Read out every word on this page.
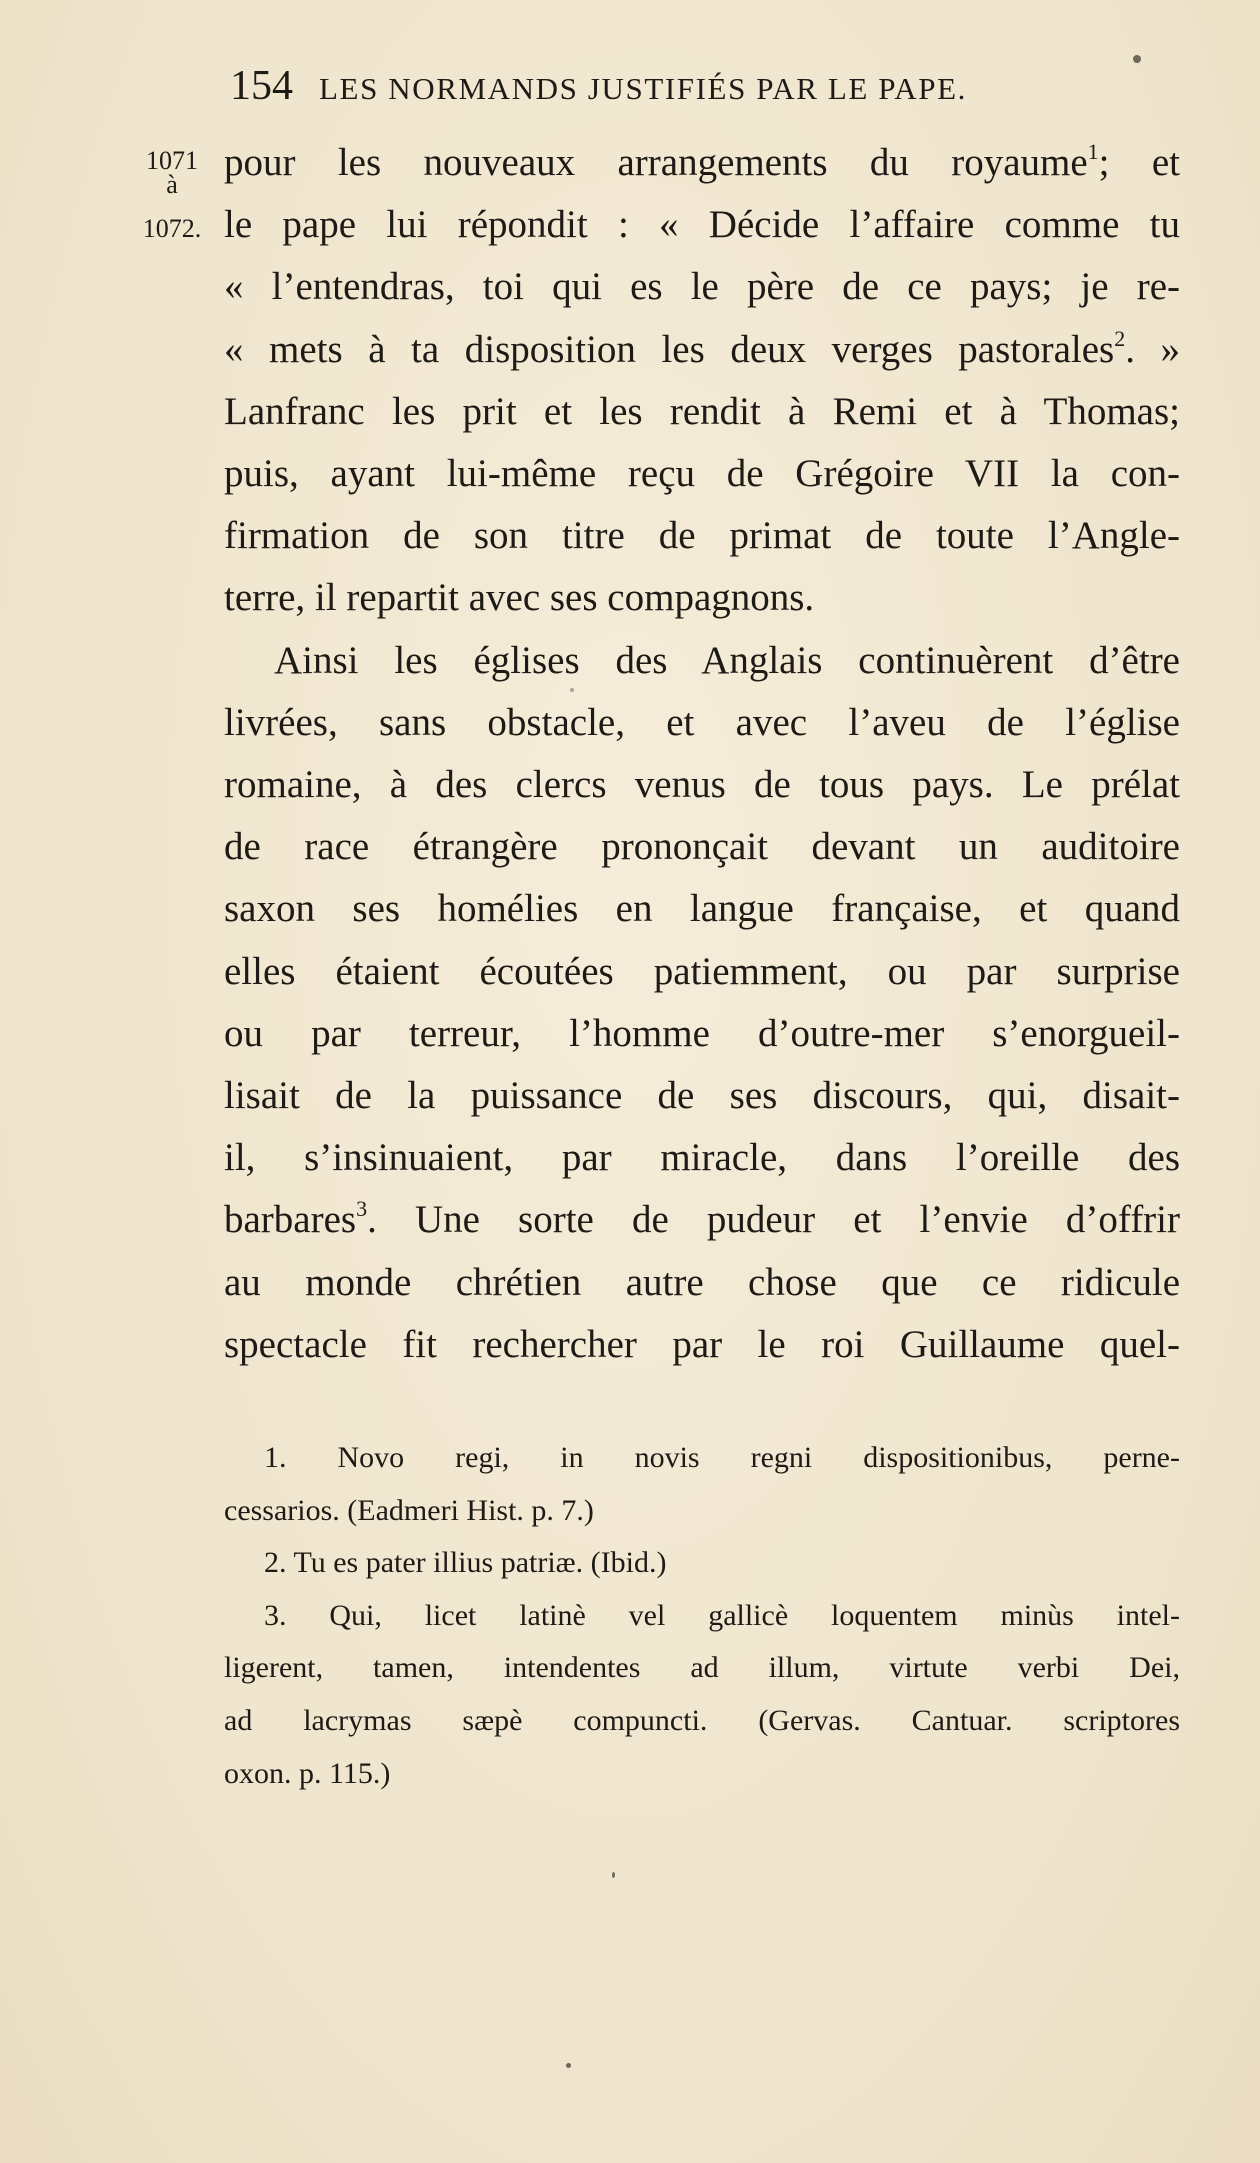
154 LES NORMANDS JUSTIFIÉS PAR LE PAPE.
1071
à
1072.
pour les nouveaux arrangements du royaume$^1$; et
le pape lui répondit : « Décide l’affaire comme tu
« l’entendras, toi qui es le père de ce pays; je re-
« mets à ta disposition les deux verges pastorales$^2$. »
Lanfranc les prit et les rendit à Remi et à Thomas;
puis, ayant lui-même reçu de Grégoire VII la con-
firmation de son titre de primat de toute l’Angle-
terre, il repartit avec ses compagnons.
Ainsi les églises des Anglais continuèrent d’être
livrées, sans obstacle, et avec l’aveu de l’église
romaine, à des clercs venus de tous pays. Le prélat
de race étrangère prononçait devant un auditoire
saxon ses homélies en langue française, et quand
elles étaient écoutées patiemment, ou par surprise
ou par terreur, l’homme d’outre-mer s’enorgueil-
lisait de la puissance de ses discours, qui, disait-
il, s’insinuaient, par miracle, dans l’oreille des
barbares$^3$. Une sorte de pudeur et l’envie d’offrir
au monde chrétien autre chose que ce ridicule
spectacle fit rechercher par le roi Guillaume quel-
1. Novo regi, in novis regni dispositionibus, perne-
cessarios. (Eadmeri Hist. p. 7.)
2. Tu es pater illius patriæ. (Ibid.)
3. Qui, licet latinè vel gallicè loquentem minùs intel-
ligerent, tamen, intendentes ad illum, virtute verbi Dei,
ad lacrymas sæpè compuncti. (Gervas. Cantuar. scriptores
oxon. p. 115.)
